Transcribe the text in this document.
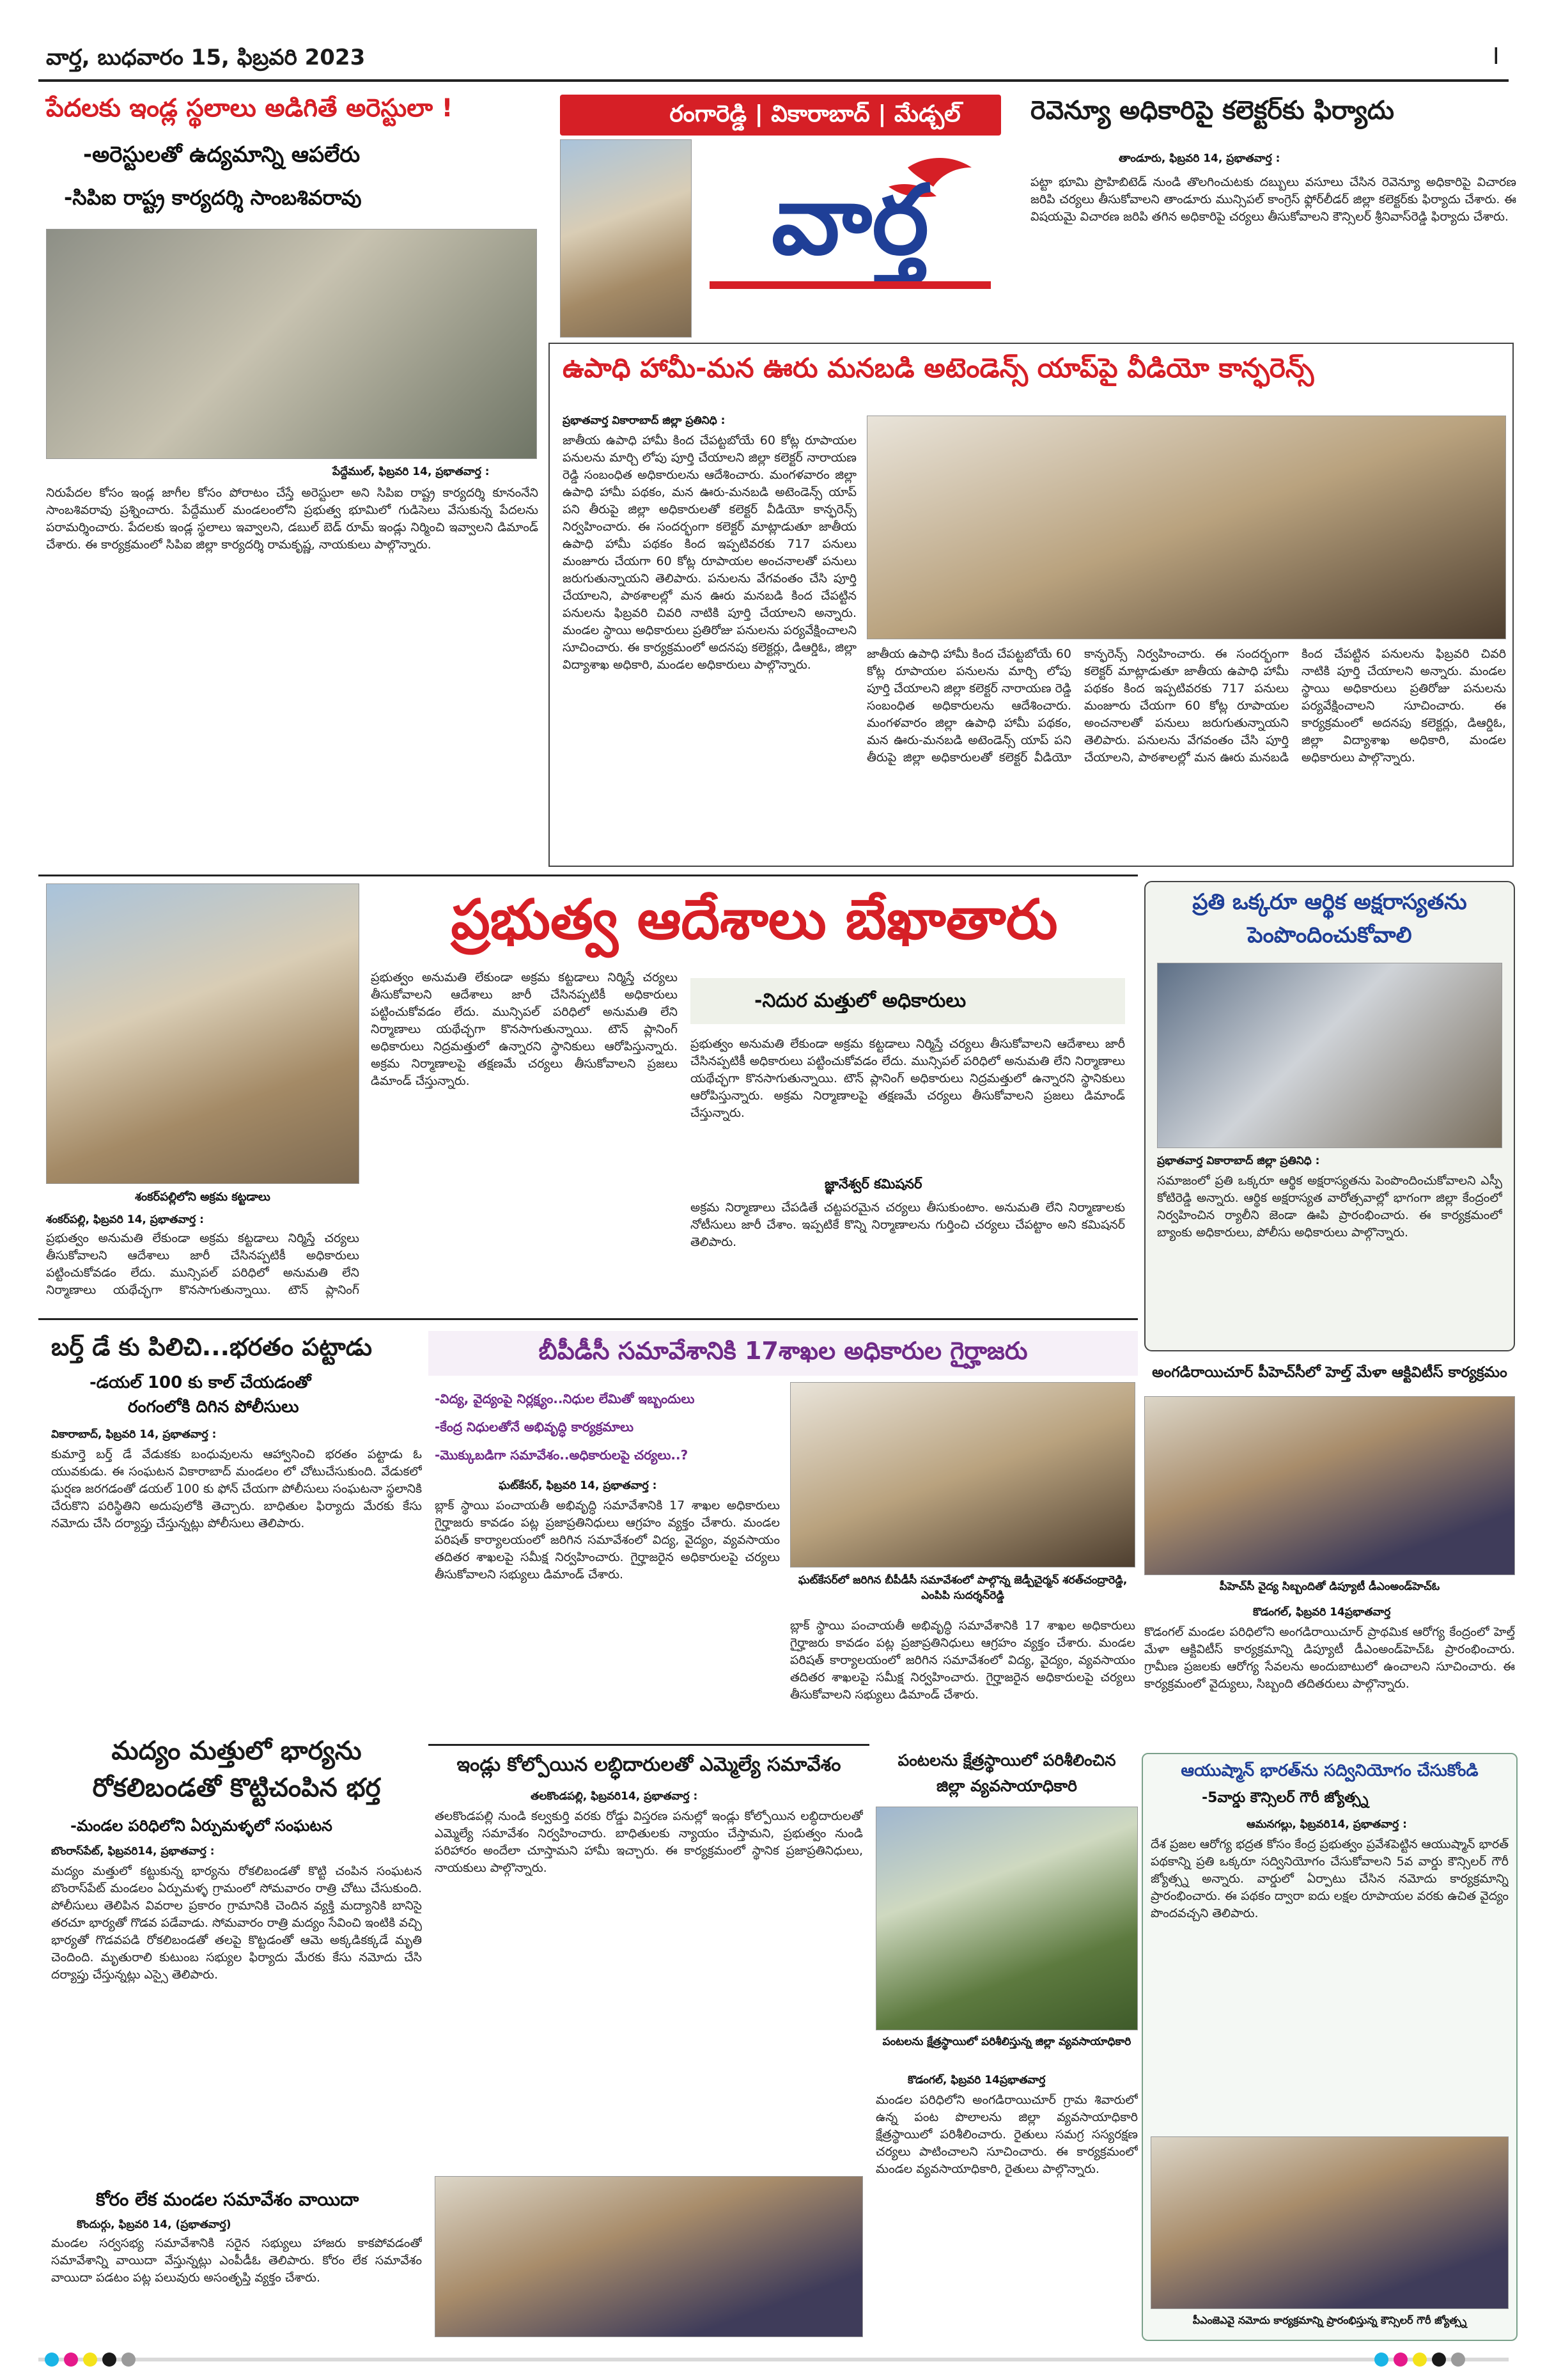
వార్త, బుధవారం 15, ఫిబ్రవరి 2023	I
పేదలకు ఇండ్ల స్థలాలు అడిగితే అరెస్టులా !
-అరెస్టులతో ఉద్యమాన్ని ఆపలేరు
-సిపిఐ రాష్ట్ర కార్యదర్శి సాంబశివరావు
పేద్దేముల్, ఫిబ్రవరి 14, ప్రభాతవార్త :
నిరుపేదల కోసం ఇండ్ల జాగీల కోసం పోరాటం చేస్తే అరెస్టులా అని సిపిఐ రాష్ట్ర కార్యదర్శి కూనంనేని సాంబశివరావు ప్రశ్నించారు. పేద్దేముల్ మండలంలోని ప్రభుత్వ భూమిలో గుడిసెలు వేసుకున్న పేదలను పరామర్శించారు. పేదలకు ఇండ్ల స్థలాలు ఇవ్వాలని, డబుల్ బెడ్ రూమ్ ఇండ్లు నిర్మించి ఇవ్వాలని డిమాండ్ చేశారు. ఈ కార్యక్రమంలో సిపిఐ జిల్లా కార్యదర్శి రామకృష్ణ, నాయకులు పాల్గొన్నారు.
రంగారెడ్డి | వికారాబాద్ | మేడ్చల్
వార్త
రెవెన్యూ అధికారిపై కలెక్టర్‌కు ఫిర్యాదు
తాండూరు, ఫిబ్రవరి 14, ప్రభాతవార్త :
పట్టా భూమి ప్రొహిబిటెడ్ నుండి తొలగించుటకు దబ్బులు వసూలు చేసిన రెవెన్యూ అధికారిపై విచారణ జరిపి చర్యలు తీసుకోవాలని తాండూరు మున్సిపల్ కాంగ్రెస్ ఫ్లోర్‌లీడర్ జిల్లా కలెక్టర్‌కు ఫిర్యాదు చేశారు. ఈ విషయమై విచారణ జరిపి తగిన అధికారిపై చర్యలు తీసుకోవాలని కౌన్సిలర్ శ్రీనివాస్‌రెడ్డి ఫిర్యాదు చేశారు.
ఉపాధి హామీ-మన ఊరు మనబడి అటెండెన్స్ యాప్‌పై వీడియో కాన్ఫరెన్స్
ప్రభాతవార్త వికారాబాద్ జిల్లా ప్రతినిధి :
జాతీయ ఉపాధి హామీ కింద చేపట్టబోయే 60 కోట్ల రూపాయల పనులను మార్చి లోపు పూర్తి చేయాలని జిల్లా కలెక్టర్ నారాయణ రెడ్డి సంబంధిత అధికారులను ఆదేశించారు. మంగళవారం జిల్లా ఉపాధి హామీ పథకం, మన ఊరు-మనబడి అటెండెన్స్ యాప్ పని తీరుపై జిల్లా అధికారులతో కలెక్టర్ వీడియో కాన్ఫరెన్స్ నిర్వహించారు. ఈ సందర్భంగా కలెక్టర్ మాట్లాడుతూ జాతీయ ఉపాధి హామీ పథకం కింద ఇప్పటివరకు 717 పనులు మంజూరు చేయగా 60 కోట్ల రూపాయల అంచనాలతో పనులు జరుగుతున్నాయని తెలిపారు. పనులను వేగవంతం చేసి పూర్తి చేయాలని, పాఠశాలల్లో మన ఊరు మనబడి కింద చేపట్టిన పనులను ఫిబ్రవరి చివరి నాటికి పూర్తి చేయాలని అన్నారు. మండల స్థాయి అధికారులు ప్రతిరోజు పనులను పర్యవేక్షించాలని సూచించారు. ఈ కార్యక్రమంలో అదనపు కలెక్టర్లు, డిఆర్డిఓ, జిల్లా విద్యాశాఖ అధికారి, మండల అధికారులు పాల్గొన్నారు.
జాతీయ ఉపాధి హామీ కింద చేపట్టబోయే 60 కోట్ల రూపాయల పనులను మార్చి లోపు పూర్తి చేయాలని జిల్లా కలెక్టర్ నారాయణ రెడ్డి సంబంధిత అధికారులను ఆదేశించారు. మంగళవారం జిల్లా ఉపాధి హామీ పథకం, మన ఊరు-మనబడి అటెండెన్స్ యాప్ పని తీరుపై జిల్లా అధికారులతో కలెక్టర్ వీడియో కాన్ఫరెన్స్ నిర్వహించారు. ఈ సందర్భంగా కలెక్టర్ మాట్లాడుతూ జాతీయ ఉపాధి హామీ పథకం కింద ఇప్పటివరకు 717 పనులు మంజూరు చేయగా 60 కోట్ల రూపాయల అంచనాలతో పనులు జరుగుతున్నాయని తెలిపారు. పనులను వేగవంతం చేసి పూర్తి చేయాలని, పాఠశాలల్లో మన ఊరు మనబడి కింద చేపట్టిన పనులను ఫిబ్రవరి చివరి నాటికి పూర్తి చేయాలని అన్నారు. మండల స్థాయి అధికారులు ప్రతిరోజు పనులను పర్యవేక్షించాలని సూచించారు. ఈ కార్యక్రమంలో అదనపు కలెక్టర్లు, డిఆర్డిఓ, జిల్లా విద్యాశాఖ అధికారి, మండల అధికారులు పాల్గొన్నారు.
శంకర్‌పల్లిలోని అక్రమ కట్టడాలు
ప్రభుత్వ ఆదేశాలు బేఖాతారు
శంకర్‌పల్లి, ఫిబ్రవరి 14, ప్రభాతవార్త :
ప్రభుత్వం అనుమతి లేకుండా అక్రమ కట్టడాలు నిర్మిస్తే చర్యలు తీసుకోవాలని ఆదేశాలు జారీ చేసినప్పటికీ అధికారులు పట్టించుకోవడం లేదు. మున్సిపల్ పరిధిలో అనుమతి లేని నిర్మాణాలు యథేచ్ఛగా కొనసాగుతున్నాయి. టౌన్ ప్లానింగ్
ప్రభుత్వం అనుమతి లేకుండా అక్రమ కట్టడాలు నిర్మిస్తే చర్యలు తీసుకోవాలని ఆదేశాలు జారీ చేసినప్పటికీ అధికారులు పట్టించుకోవడం లేదు. మున్సిపల్ పరిధిలో అనుమతి లేని నిర్మాణాలు యథేచ్ఛగా కొనసాగుతున్నాయి. టౌన్ ప్లానింగ్ అధికారులు నిద్రమత్తులో ఉన్నారని స్థానికులు ఆరోపిస్తున్నారు. అక్రమ నిర్మాణాలపై తక్షణమే చర్యలు తీసుకోవాలని ప్రజలు డిమాండ్ చేస్తున్నారు.
-నిదుర మత్తులో అధికారులు
ప్రభుత్వం అనుమతి లేకుండా అక్రమ కట్టడాలు నిర్మిస్తే చర్యలు తీసుకోవాలని ఆదేశాలు జారీ చేసినప్పటికీ అధికారులు పట్టించుకోవడం లేదు. మున్సిపల్ పరిధిలో అనుమతి లేని నిర్మాణాలు యథేచ్ఛగా కొనసాగుతున్నాయి. టౌన్ ప్లానింగ్ అధికారులు నిద్రమత్తులో ఉన్నారని స్థానికులు ఆరోపిస్తున్నారు. అక్రమ నిర్మాణాలపై తక్షణమే చర్యలు తీసుకోవాలని ప్రజలు డిమాండ్ చేస్తున్నారు.
జ్ఞానేశ్వర్ కమిషనర్
అక్రమ నిర్మాణాలు చేపడితే చట్టపరమైన చర్యలు తీసుకుంటాం. అనుమతి లేని నిర్మాణాలకు నోటీసులు జారీ చేశాం. ఇప్పటికే కొన్ని నిర్మాణాలను గుర్తించి చర్యలు చేపట్టాం అని కమిషనర్ తెలిపారు.
ప్రతి ఒక్కరూ ఆర్థిక అక్షరాస్యతను
పెంపొందించుకోవాలి
ప్రభాతవార్త వికారాబాద్ జిల్లా ప్రతినిధి :
సమాజంలో ప్రతి ఒక్కరూ ఆర్థిక అక్షరాస్యతను పెంపొందించుకోవాలని ఎస్పీ కోటిరెడ్డి అన్నారు. ఆర్థిక అక్షరాస్యత వారోత్సవాల్లో భాగంగా జిల్లా కేంద్రంలో నిర్వహించిన ర్యాలీని జెండా ఊపి ప్రారంభించారు. ఈ కార్యక్రమంలో బ్యాంకు అధికారులు, పోలీసు అధికారులు పాల్గొన్నారు.
బర్త్ డే కు పిలిచి...భరతం పట్టాడు
-డయల్ 100 కు కాల్ చేయడంతో
రంగంలోకి దిగిన పోలీసులు
వికారాబాద్, ఫిబ్రవరి 14, ప్రభాతవార్త :
కుమార్తె బర్త్ డే వేడుకకు బంధువులను ఆహ్వానించి భరతం పట్టాడు ఓ యువకుడు. ఈ సంఘటన వికారాబాద్ మండలం లో చోటుచేసుకుంది. వేడుకలో ఘర్షణ జరగడంతో డయల్ 100 కు ఫోన్ చేయగా పోలీసులు సంఘటనా స్థలానికి చేరుకొని పరిస్థితిని అదుపులోకి తెచ్చారు. బాధితుల ఫిర్యాదు మేరకు కేసు నమోదు చేసి దర్యాప్తు చేస్తున్నట్లు పోలీసులు తెలిపారు.
మద్యం మత్తులో భార్యను
రోకలిబండతో కొట్టిచంపిన భర్త
-మండల పరిధిలోని ఏర్పుమళ్ళలో సంఘటన
బొంరాస్‌పేట్, ఫిబ్రవరి14, ప్రభాతవార్త :
మద్యం మత్తులో కట్టుకున్న భార్యను రోకలిబండతో కొట్టి చంపిన సంఘటన బొంరాస్‌పేట్ మండలం ఏర్పుమళ్ళ గ్రామంలో సోమవారం రాత్రి చోటు చేసుకుంది. పోలీసులు తెలిపిన వివరాల ప్రకారం గ్రామానికి చెందిన వ్యక్తి మద్యానికి బానిసై తరచూ భార్యతో గొడవ పడేవాడు. సోమవారం రాత్రి మద్యం సేవించి ఇంటికి వచ్చి భార్యతో గొడవపడి రోకలిబండతో తలపై కొట్టడంతో ఆమె అక్కడికక్కడే మృతి చెందింది. మృతురాలి కుటుంబ సభ్యుల ఫిర్యాదు మేరకు కేసు నమోదు చేసి దర్యాప్తు చేస్తున్నట్లు ఎస్సై తెలిపారు.
కోరం లేక మండల సమావేశం వాయిదా
కొందుర్గు, ఫిబ్రవరి 14, (ప్రభాతవార్త)
మండల సర్వసభ్య సమావేశానికి సరైన సభ్యులు హాజరు కాకపోవడంతో సమావేశాన్ని వాయిదా వేస్తున్నట్లు ఎంపీడీఓ తెలిపారు. కోరం లేక సమావేశం వాయిదా పడటం పట్ల పలువురు అసంతృప్తి వ్యక్తం చేశారు.
బీపీడీసీ సమావేశానికి 17శాఖల అధికారుల గైర్హాజరు
-విద్య, వైద్యంపై నిర్లక్ష్యం..నిధుల లేమితో ఇబ్బందులు
-కేంద్ర నిధులతోనే అభివృద్ధి కార్యక్రమాలు
-మొక్కుబడిగా సమావేశం..అధికారులపై చర్యలు..?
ఘట్‌కేసర్, ఫిబ్రవరి 14, ప్రభాతవార్త :
బ్లాక్ స్థాయి పంచాయతీ అభివృద్ధి సమావేశానికి 17 శాఖల అధికారులు గైర్హాజరు కావడం పట్ల ప్రజాప్రతినిధులు ఆగ్రహం వ్యక్తం చేశారు. మండల పరిషత్ కార్యాలయంలో జరిగిన సమావేశంలో విద్య, వైద్యం, వ్యవసాయం తదితర శాఖలపై సమీక్ష నిర్వహించారు. గైర్హాజరైన అధికారులపై చర్యలు తీసుకోవాలని సభ్యులు డిమాండ్ చేశారు.	ఘట్‌కేసర్‌లో జరిగిన బీపీడీసీ సమావేశంలో పాల్గొన్న జెడ్పీచైర్మన్ శరత్‌చంద్రారెడ్డి, ఎంపిపి సుదర్శన్‌రెడ్డి
బ్లాక్ స్థాయి పంచాయతీ అభివృద్ధి సమావేశానికి 17 శాఖల అధికారులు గైర్హాజరు కావడం పట్ల ప్రజాప్రతినిధులు ఆగ్రహం వ్యక్తం చేశారు. మండల పరిషత్ కార్యాలయంలో జరిగిన సమావేశంలో విద్య, వైద్యం, వ్యవసాయం తదితర శాఖలపై సమీక్ష నిర్వహించారు. గైర్హాజరైన అధికారులపై చర్యలు తీసుకోవాలని సభ్యులు డిమాండ్ చేశారు.
ఇండ్లు కోల్పోయిన లబ్ధిదారులతో ఎమ్మెల్యే సమావేశం
తలకొండపల్లి, ఫిబ్రవరి14, ప్రభాతవార్త :
తలకొండపల్లి నుండి కల్వకుర్తి వరకు రోడ్డు విస్తరణ పనుల్లో ఇండ్లు కోల్పోయిన లబ్ధిదారులతో ఎమ్మెల్యే సమావేశం నిర్వహించారు. బాధితులకు న్యాయం చేస్తామని, ప్రభుత్వం నుండి పరిహారం అందేలా చూస్తామని హామీ ఇచ్చారు. ఈ కార్యక్రమంలో స్థానిక ప్రజాప్రతినిధులు, నాయకులు పాల్గొన్నారు.
పంటలను క్షేత్రస్థాయిలో పరిశీలించిన
జిల్లా వ్యవసాయాధికారి
పంటలను క్షేత్రస్థాయిలో పరిశీలిస్తున్న జిల్లా వ్యవసాయాధికారి
కొడంగల్, ఫిబ్రవరి 14ప్రభాతవార్త
మండల పరిధిలోని అంగడిరాయిచూర్ గ్రామ శివారులో ఉన్న పంట పొలాలను జిల్లా వ్యవసాయాధికారి క్షేత్రస్థాయిలో పరిశీలించారు. రైతులు సమగ్ర సస్యరక్షణ చర్యలు పాటించాలని సూచించారు. ఈ కార్యక్రమంలో మండల వ్యవసాయాధికారి, రైతులు పాల్గొన్నారు.
అంగడిరాయిచూర్ పీహెచ్‌సీలో హెల్త్ మేళా ఆక్టివిటీస్ కార్యక్రమం
పీహెచ్‌సీ వైద్య సిబ్బందితో డిప్యూటీ డీఎంఅండ్‌హెచ్‌ఓ
కొడంగల్, ఫిబ్రవరి 14ప్రభాతవార్త
కొడంగల్ మండల పరిధిలోని అంగడిరాయిచూర్ ప్రాథమిక ఆరోగ్య కేంద్రంలో హెల్త్ మేళా ఆక్టివిటీస్ కార్యక్రమాన్ని డిప్యూటీ డీఎంఅండ్‌హెచ్‌ఓ ప్రారంభించారు. గ్రామీణ ప్రజలకు ఆరోగ్య సేవలను అందుబాటులో ఉంచాలని సూచించారు. ఈ కార్యక్రమంలో వైద్యులు, సిబ్బంది తదితరులు పాల్గొన్నారు.
ఆయుష్మాన్ భారత్‌ను సద్వినియోగం చేసుకోండి
-5వార్డు కౌన్సిలర్ గౌరీ జ్యోత్స్న
ఆమనగల్లు, ఫిబ్రవరి14, ప్రభాతవార్త :
దేశ ప్రజల ఆరోగ్య భద్రత కోసం కేంద్ర ప్రభుత్వం ప్రవేశపెట్టిన ఆయుష్మాన్ భారత్ పథకాన్ని ప్రతి ఒక్కరూ సద్వినియోగం చేసుకోవాలని 5వ వార్డు కౌన్సిలర్ గౌరీ జ్యోత్స్న అన్నారు. వార్డులో ఏర్పాటు చేసిన నమోదు కార్యక్రమాన్ని ప్రారంభించారు. ఈ పథకం ద్వారా ఐదు లక్షల రూపాయల వరకు ఉచిత వైద్యం పొందవచ్చని తెలిపారు.
పీఎంజెఎవై నమోదు కార్యక్రమాన్ని ప్రారంభిస్తున్న కౌన్సిలర్ గౌరీ జ్యోత్స్న
